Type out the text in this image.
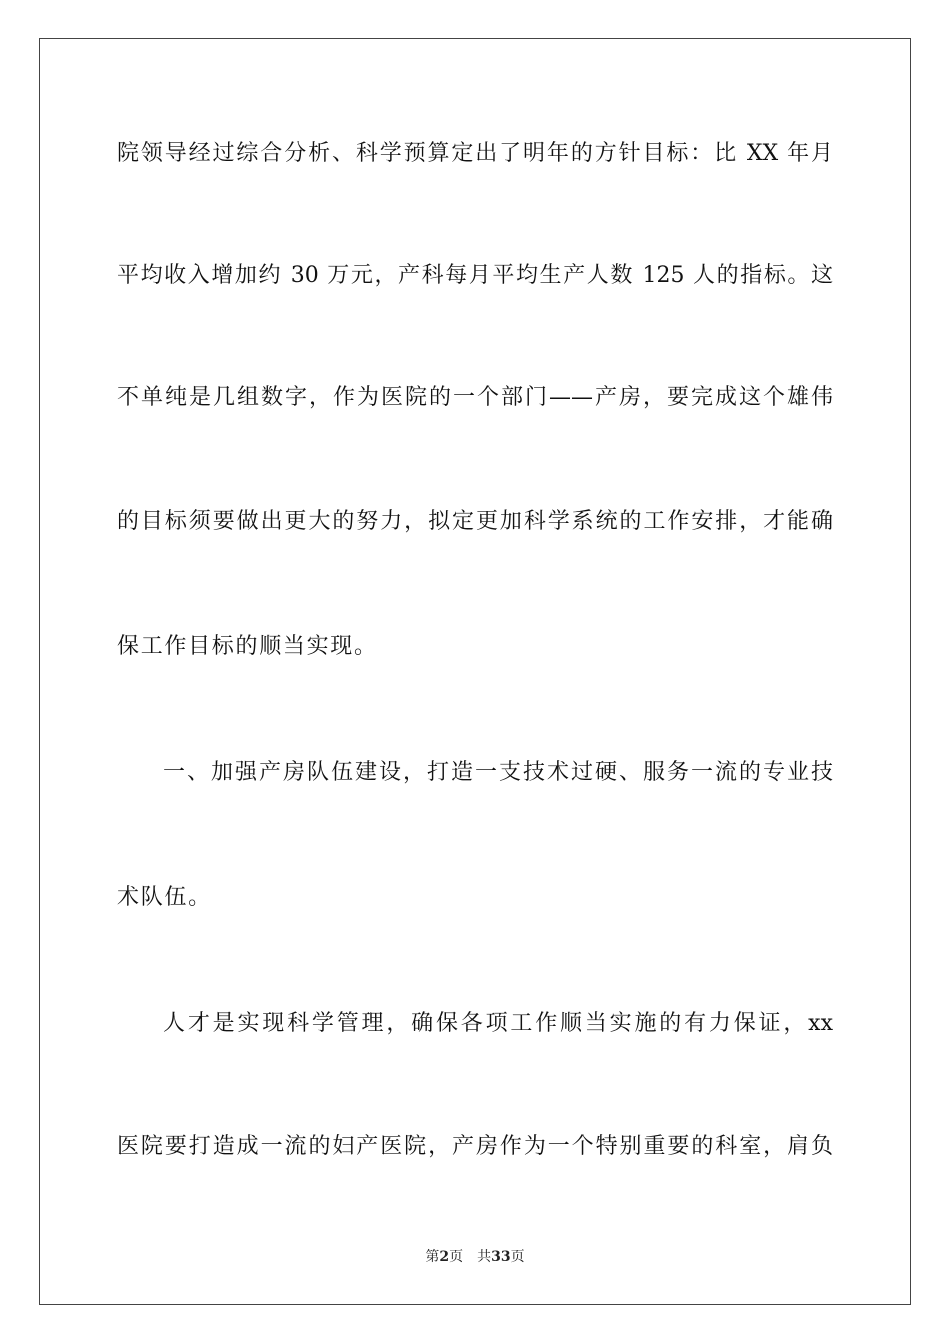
院领导经过综合分析、科学预算定出了明年的方针目标：比 XX 年月
平均收入增加约 30 万元，产科每月平均生产人数 125 人的指标。这
不单纯是几组数字，作为医院的一个部门——产房，要完成这个雄伟
的目标须要做出更大的努力，拟定更加科学系统的工作安排，才能确
保工作目标的顺当实现。
一、加强产房队伍建设，打造一支技术过硬、服务一流的专业技
术队伍。
人才是实现科学管理，确保各项工作顺当实施的有力保证，xx
医院要打造成一流的妇产医院，产房作为一个特别重要的科室，肩负
第2页 共33页
